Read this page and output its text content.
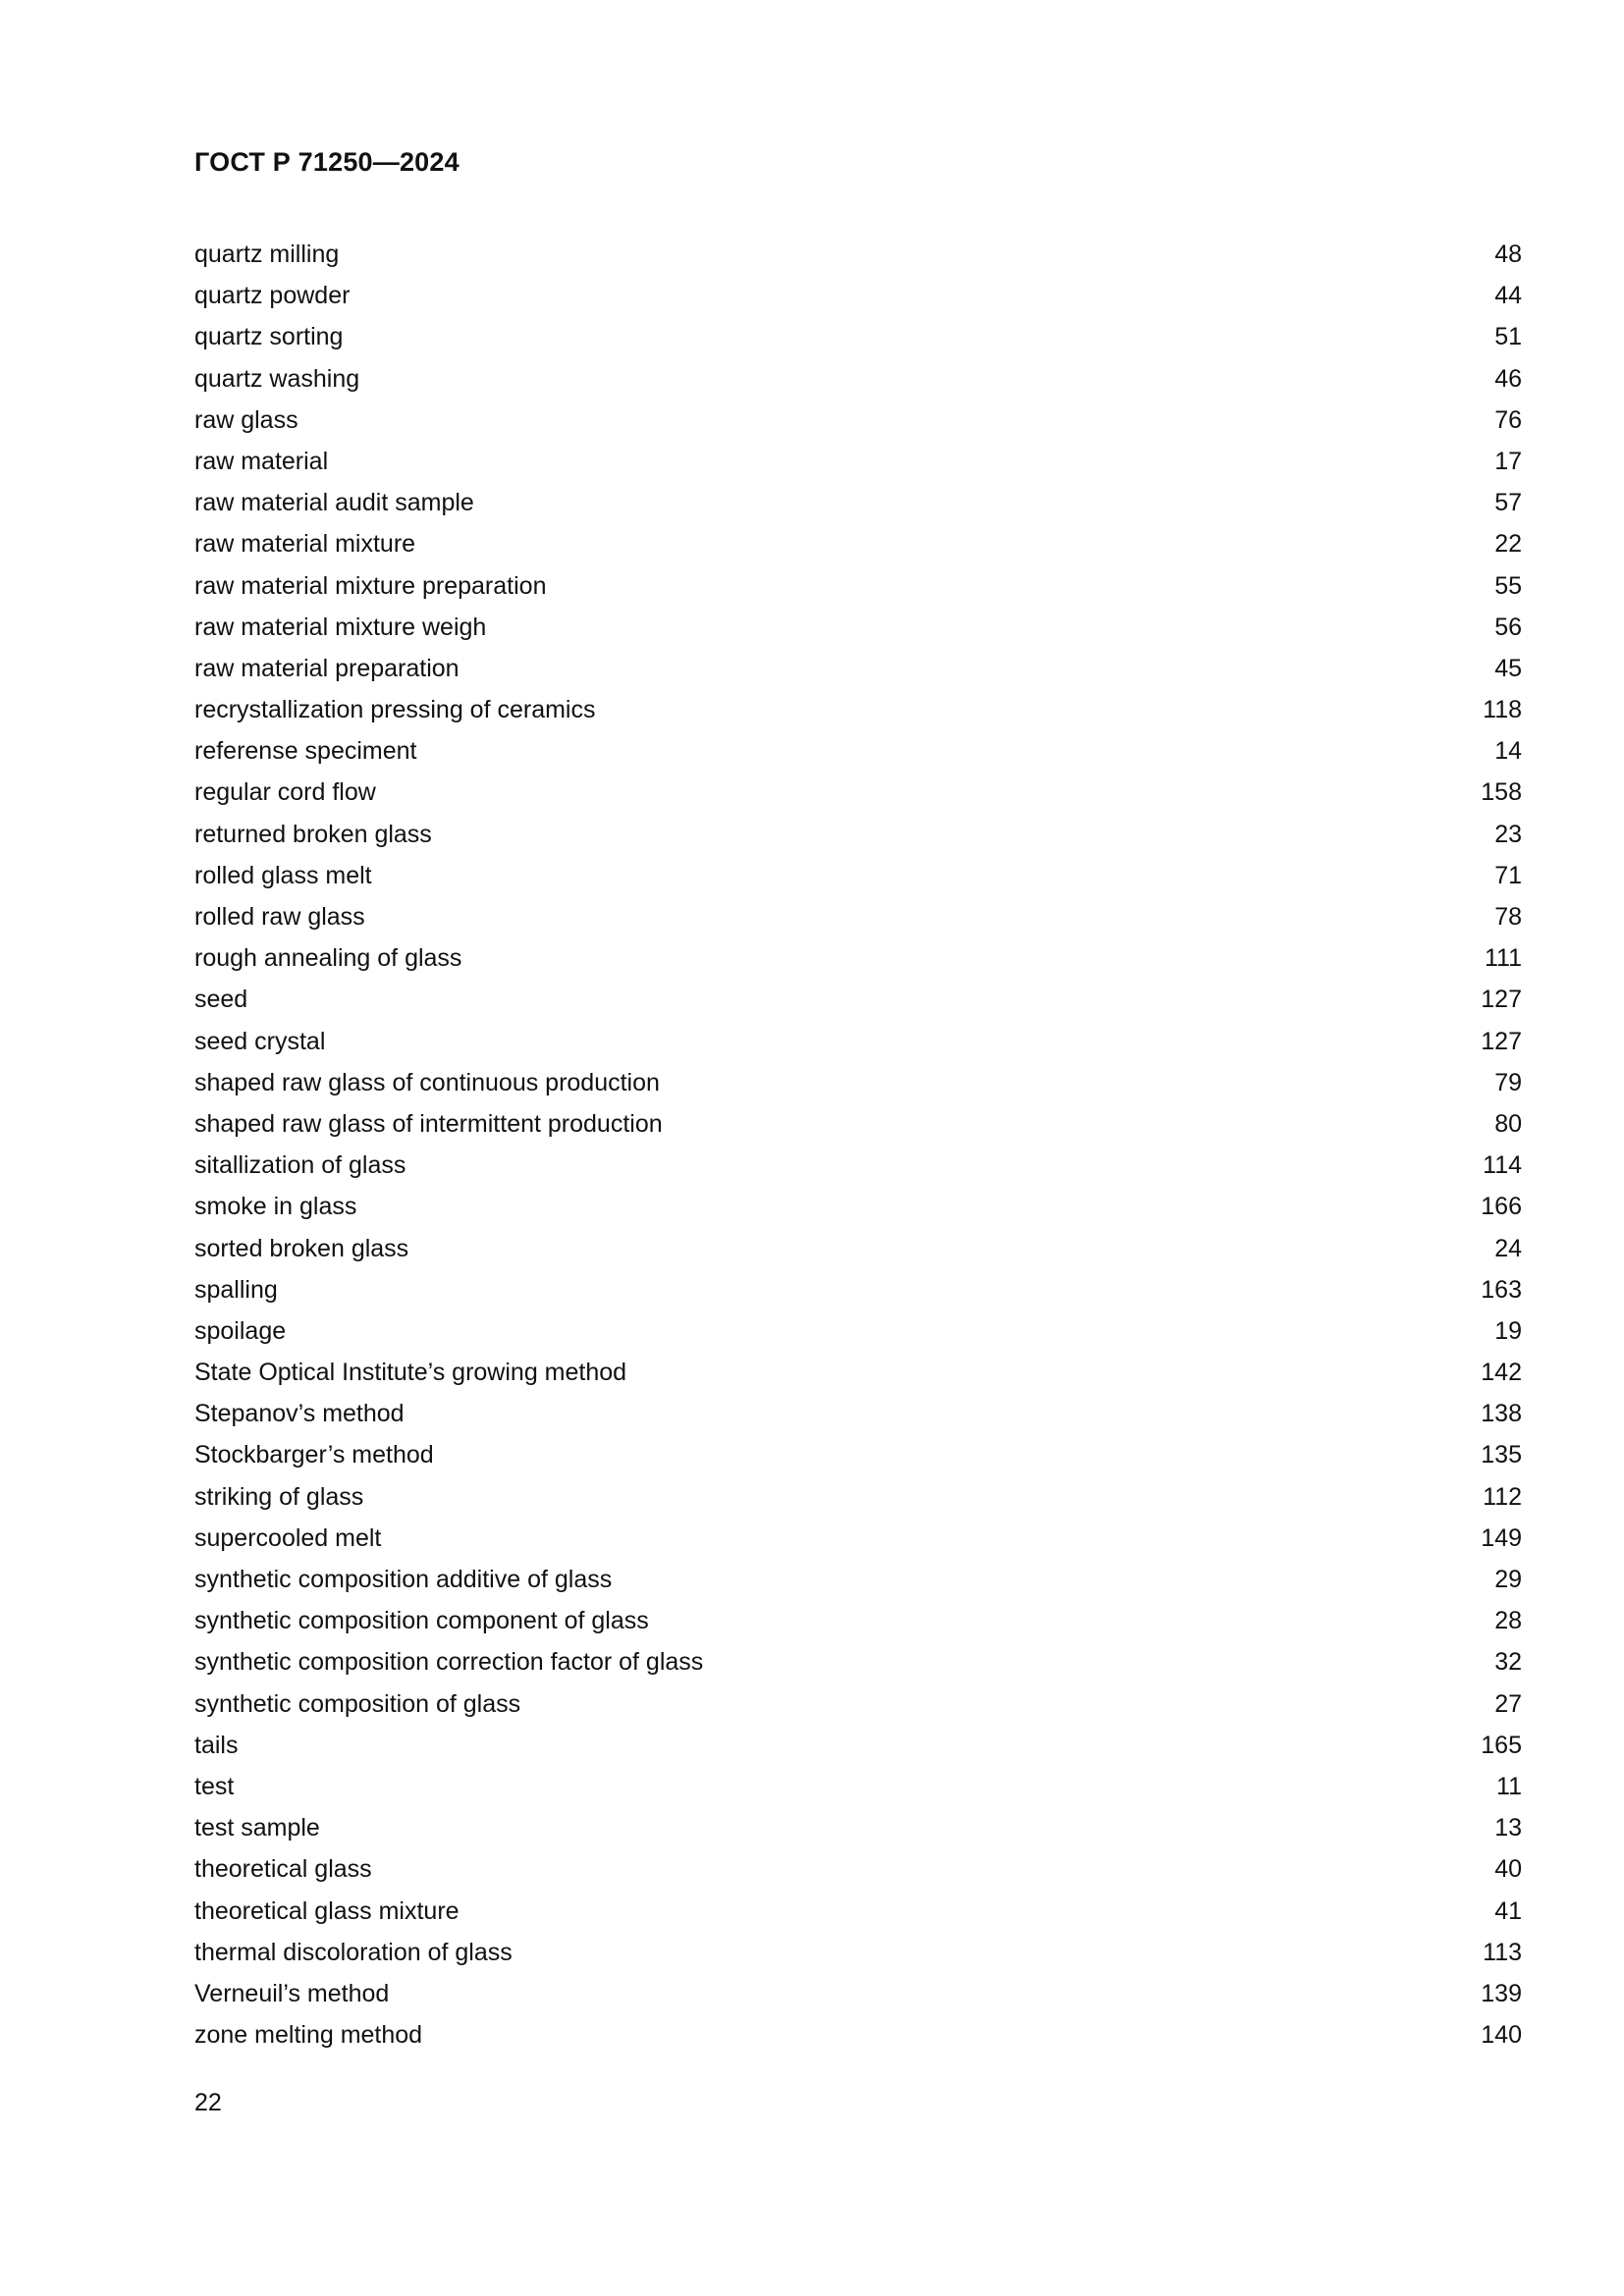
ГОСТ Р 71250—2024
quartz milling	48
quartz powder	44
quartz sorting	51
quartz washing	46
raw glass	76
raw material	17
raw material audit sample	57
raw material mixture	22
raw material mixture preparation	55
raw material mixture weigh	56
raw material preparation	45
recrystallization pressing of ceramics	118
referense speciment	14
regular cord flow	158
returned broken glass	23
rolled glass melt	71
rolled raw glass	78
rough annealing of glass	111
seed	127
seed crystal	127
shaped raw glass of continuous production	79
shaped raw glass of intermittent production	80
sitallization of glass	114
smoke in glass	166
sorted broken glass	24
spalling	163
spoilage	19
State Optical Institute’s growing method	142
Stepanov’s method	138
Stockbarger’s method	135
striking of glass	112
supercooled melt	149
synthetic composition additive of glass	29
synthetic composition component of glass	28
synthetic composition correction factor of glass	32
synthetic composition of glass	27
tails	165
test	11
test sample	13
theoretical glass	40
theoretical glass mixture	41
thermal discoloration of glass	113
Verneuil’s method	139
zone melting method	140
22
